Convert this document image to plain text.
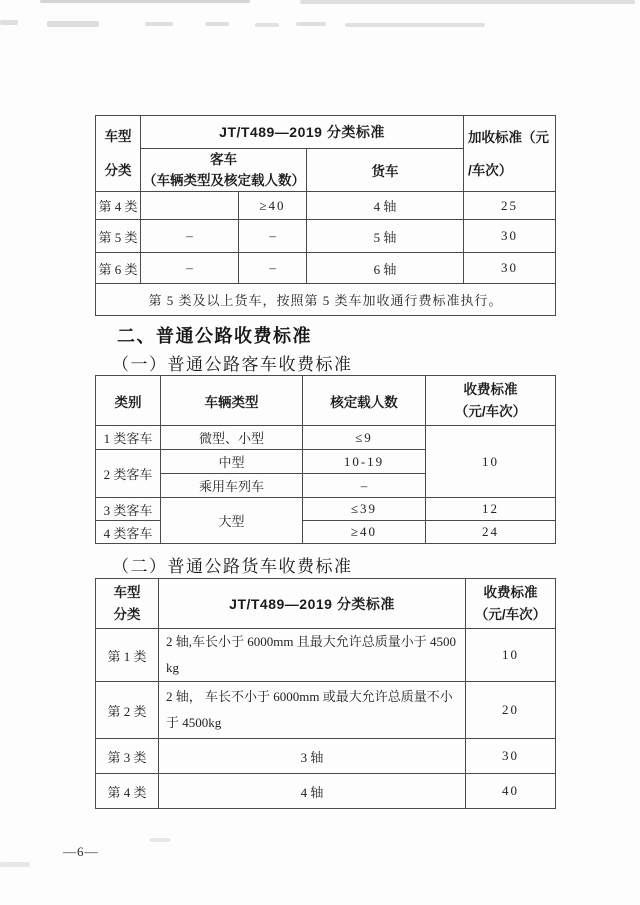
车型
分类
	JT/T489—2019 分类标准	加收标准（元
/车次）

	客车
（车辆类型及核定载人数）		货车	
第 4 类		≥40	4 轴	25
第 5 类	–	–	5 轴	30
第 6 类	–	–	6 轴	30
第 5 类及以上货车，按照第 5 类车加收通行费标准执行。				
二、普通公路收费标准
（一）普通公路客车收费标准
类别	车辆类型	核定载人数	收费标准
（元/车次）

1 类客车	微型、小型	≤9	10
2 类客车	中型	10-19	
	乘用车列车	–	
3 类客车	大型	≤39	12
4 类客车		≥40	24
（二）普通公路货车收费标准
车型
分类
	JT/T489—2019 分类标准	
收费标准
（元/车次）

第 1 类	2 轴,车长小于 6000mm 且最大允许总质量小于 4500kg	10
第 2 类	2 轴， 车长不小于 6000mm 或最大允许总质量不小于 4500kg	20
第 3 类	3 轴	30
第 4 类	4 轴	40
—6—
